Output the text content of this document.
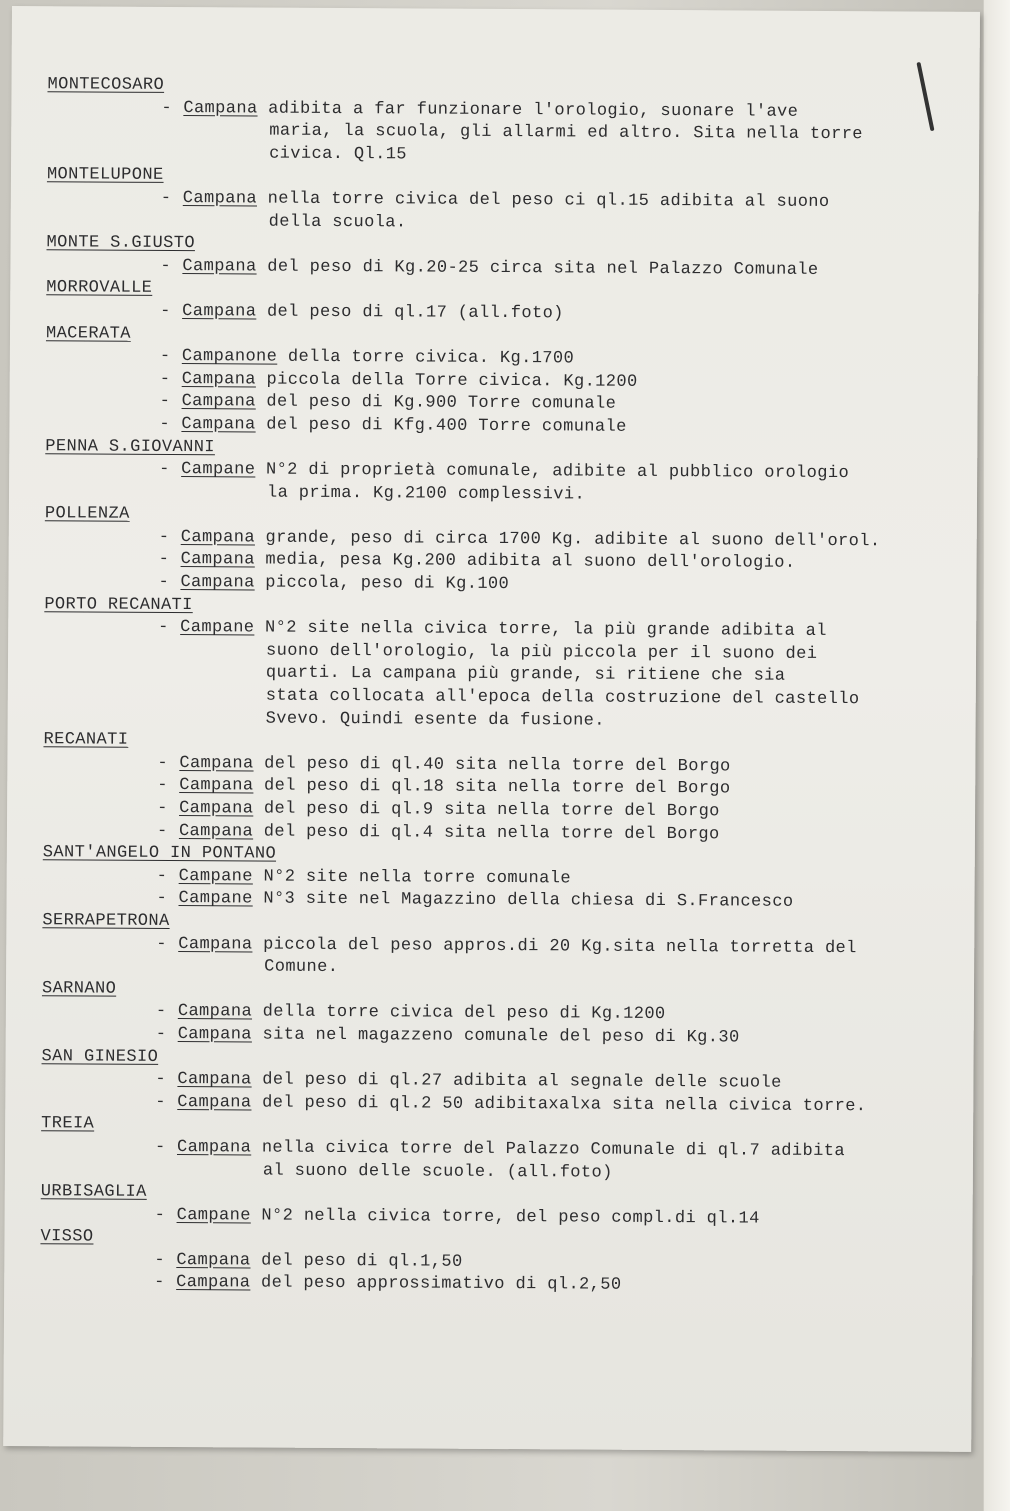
MONTECOSARO
- Campana adibita a far funzionare l'orologio, suonare l'ave
maria, la scuola, gli allarmi ed altro. Sita nella torre
civica. Ql.15
MONTELUPONE
- Campana nella torre civica del peso ci ql.15 adibita al suono
della scuola.
MONTE S.GIUSTO
- Campana del peso di Kg.20-25 circa sita nel Palazzo Comunale
MORROVALLE
- Campana del peso di ql.17 (all.foto)
MACERATA
- Campanone della torre civica. Kg.1700
- Campana piccola della Torre civica. Kg.1200
- Campana del peso di Kg.900 Torre comunale
- Campana del peso di Kfg.400 Torre comunale
PENNA S.GIOVANNI
- Campane N°2 di proprietà comunale, adibite al pubblico orologio
la prima. Kg.2100 complessivi.
POLLENZA
- Campana grande, peso di circa 1700 Kg. adibite al suono dell'orol.
- Campana media, pesa Kg.200 adibita al suono dell'orologio.
- Campana piccola, peso di Kg.100
PORTO RECANATI
- Campane N°2 site nella civica torre, la più grande adibita al
suono dell'orologio, la più piccola per il suono dei
quarti. La campana più grande, si ritiene che sia
stata collocata all'epoca della costruzione del castello
Svevo. Quindi esente da fusione.
RECANATI
- Campana del peso di ql.40 sita nella torre del Borgo
- Campana del peso di ql.18 sita nella torre del Borgo
- Campana del peso di ql.9 sita nella torre del Borgo
- Campana del peso di ql.4 sita nella torre del Borgo
SANT'ANGELO IN PONTANO
- Campane N°2 site nella torre comunale
- Campane N°3 site nel Magazzino della chiesa di S.Francesco
SERRAPETRONA
- Campana piccola del peso appros.di 20 Kg.sita nella torretta del
Comune.
SARNANO
- Campana della torre civica del peso di Kg.1200
- Campana sita nel magazzeno comunale del peso di Kg.30
SAN GINESIO
- Campana del peso di ql.27 adibita al segnale delle scuole
- Campana del peso di ql.2 50 adibitaxalxa sita nella civica torre.
TREIA
- Campana nella civica torre del Palazzo Comunale di ql.7 adibita
al suono delle scuole. (all.foto)
URBISAGLIA
- Campane N°2 nella civica torre, del peso compl.di ql.14
VISSO
- Campana del peso di ql.1,50
- Campana del peso approssimativo di ql.2,50
